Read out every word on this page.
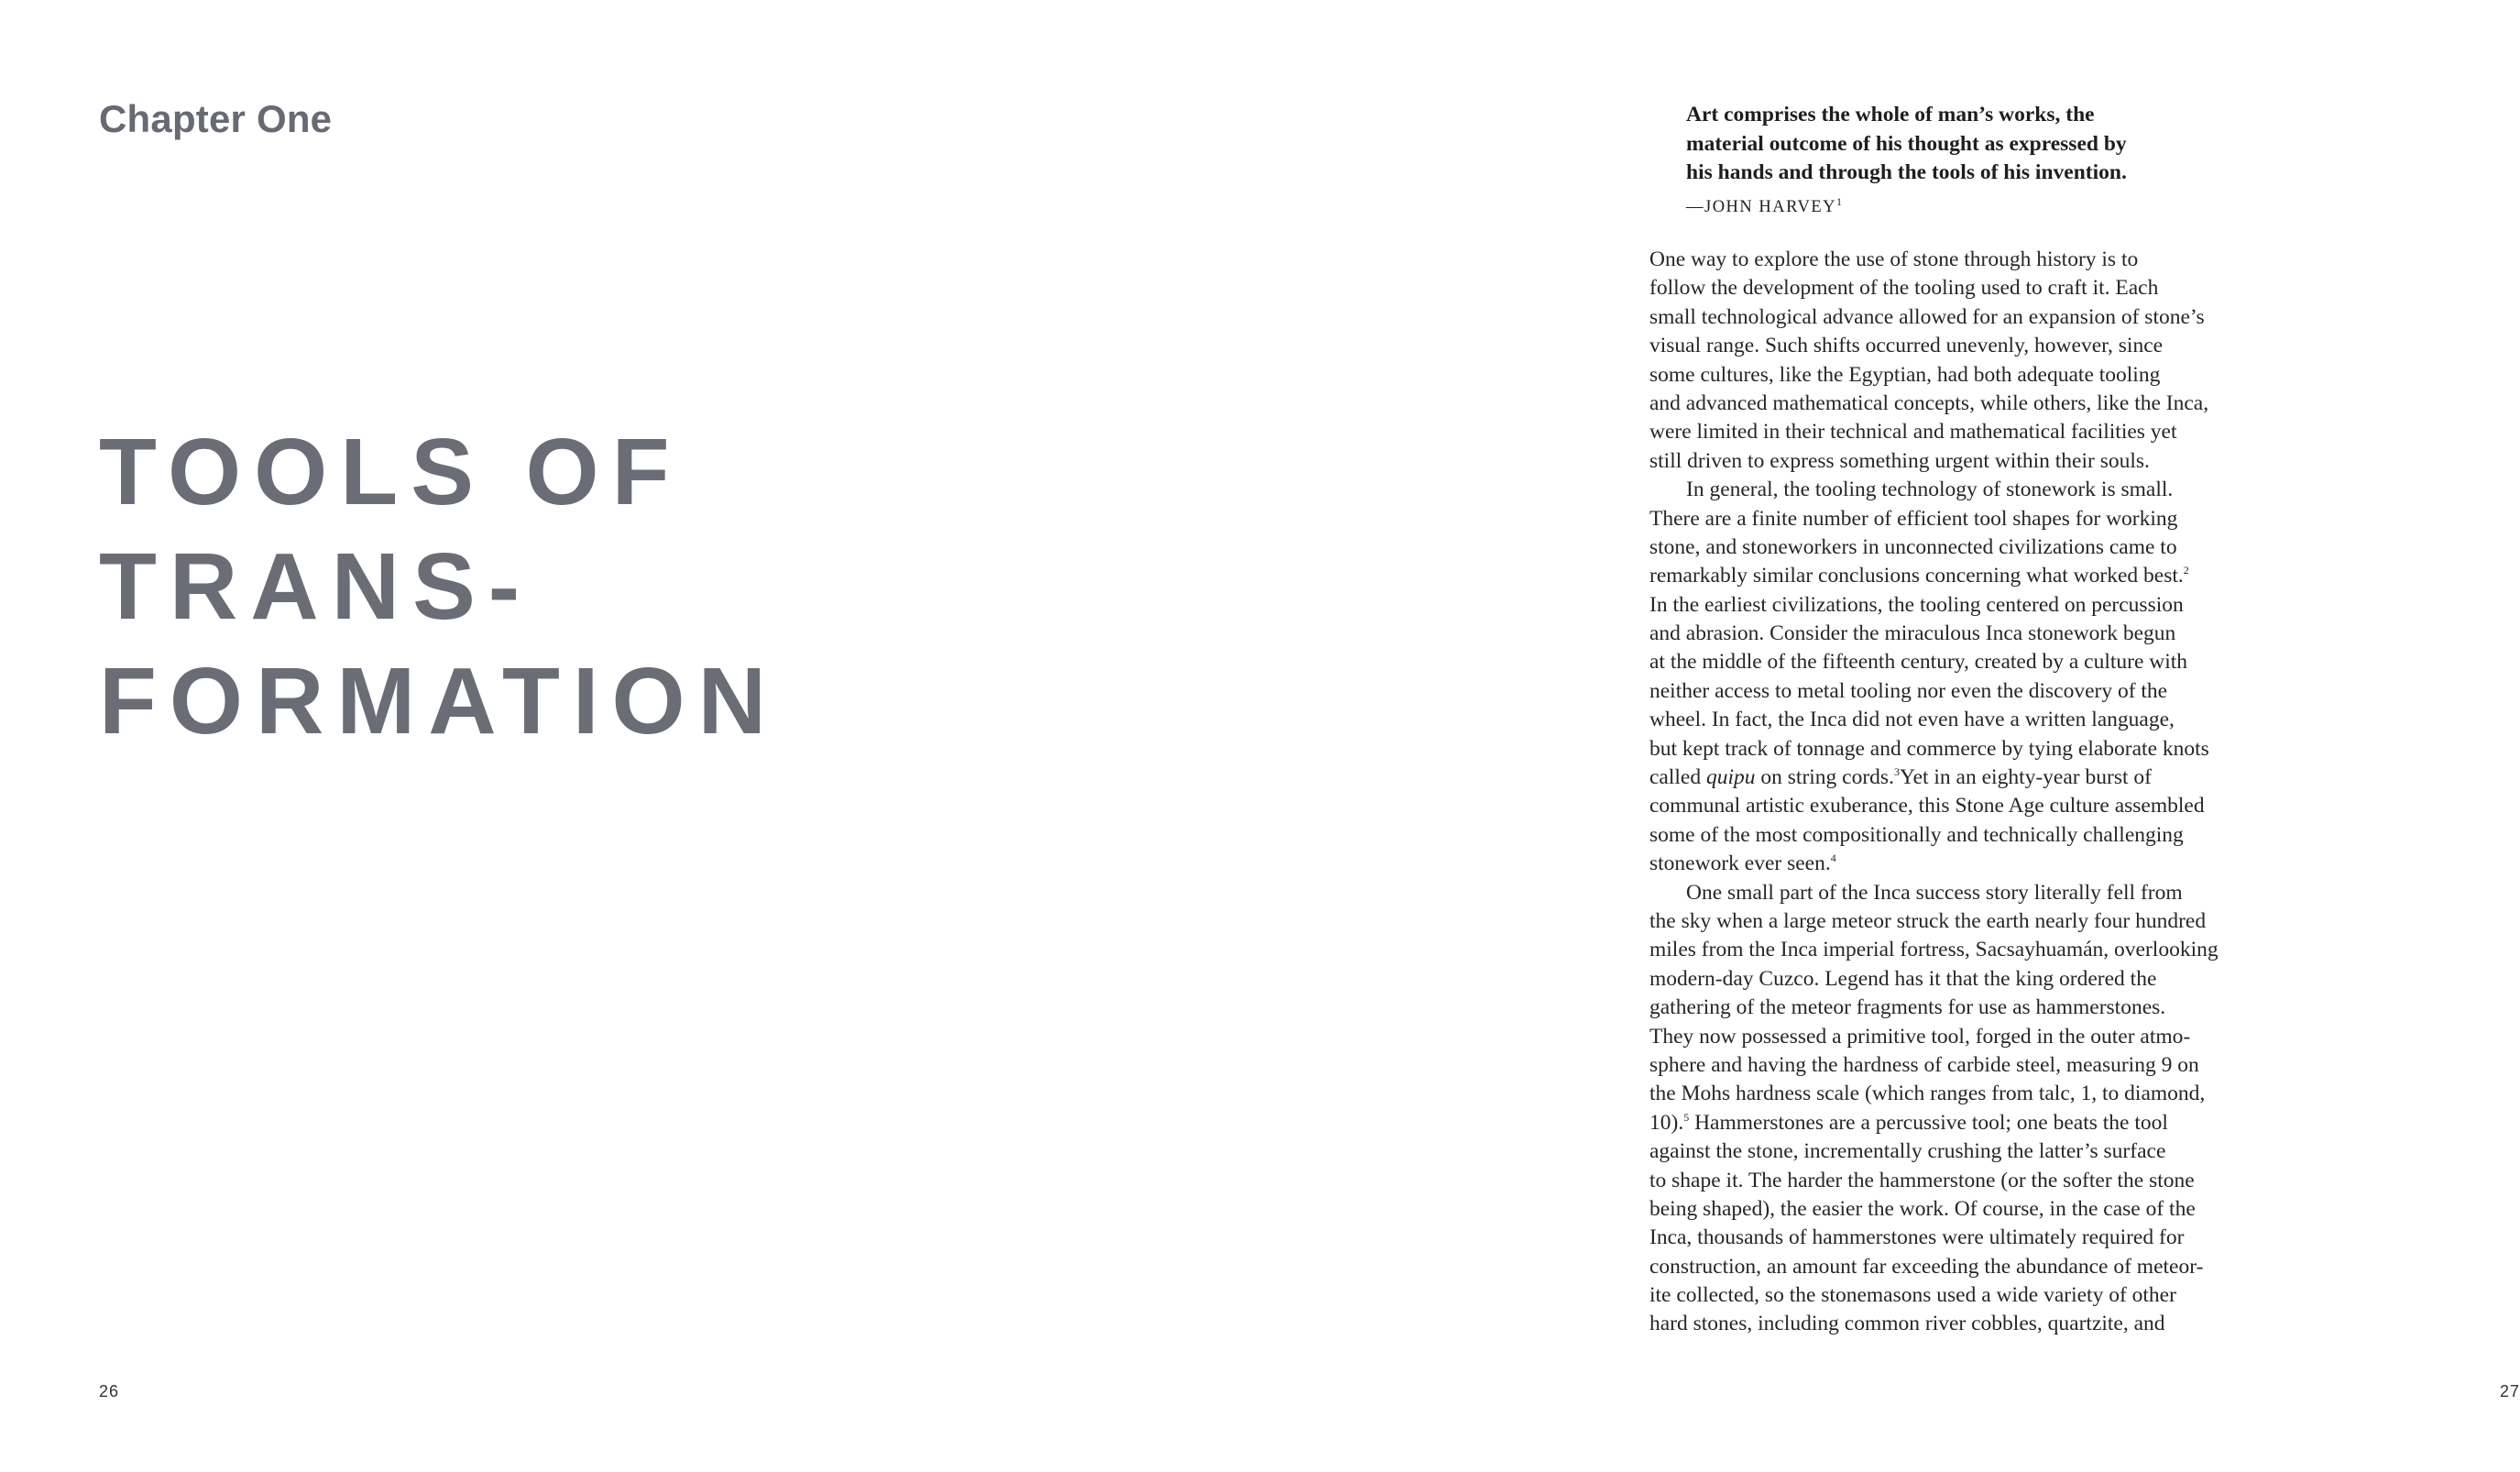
Chapter One
TOOLS OF
TRANS-
FORMATION
26	27
Art comprises the whole of man’s works, the
material outcome of his thought as expressed by
his hands and through the tools of his invention.
—JOHN HARVEY$^1$
One way to explore the use of stone through history is to
follow the development of the tooling used to craft it. Each
small technological advance allowed for an expansion of stone’s
visual range. Such shifts occurred unevenly, however, since
some cultures, like the Egyptian, had both adequate tooling
and advanced mathematical concepts, while others, like the Inca,
were limited in their technical and mathematical facilities yet
still driven to express something urgent within their souls.
In general, the tooling technology of stonework is small.
There are a finite number of efficient tool shapes for working
stone, and stoneworkers in unconnected civilizations came to
remarkably similar conclusions concerning what worked best.$^2$
In the earliest civilizations, the tooling centered on percussion
and abrasion. Consider the miraculous Inca stonework begun
at the middle of the fifteenth century, created by a culture with
neither access to metal tooling nor even the discovery of the
wheel. In fact, the Inca did not even have a written language,
but kept track of tonnage and commerce by tying elaborate knots
called quipu on string cords.$^3$Yet in an eighty-year burst of
communal artistic exuberance, this Stone Age culture assembled
some of the most compositionally and technically challenging
stonework ever seen.$^4$
One small part of the Inca success story literally fell from
the sky when a large meteor struck the earth nearly four hundred
miles from the Inca imperial fortress, Sacsayhuamán, overlooking
modern-day Cuzco. Legend has it that the king ordered the
gathering of the meteor fragments for use as hammerstones.
They now possessed a primitive tool, forged in the outer atmo-
sphere and having the hardness of carbide steel, measuring 9 on
the Mohs hardness scale (which ranges from talc, 1, to diamond,
10).$^5$ Hammerstones are a percussive tool; one beats the tool
against the stone, incrementally crushing the latter’s surface
to shape it. The harder the hammerstone (or the softer the stone
being shaped), the easier the work. Of course, in the case of the
Inca, thousands of hammerstones were ultimately required for
construction, an amount far exceeding the abundance of meteor-
ite collected, so the stonemasons used a wide variety of other
hard stones, including common river cobbles, quartzite, and
